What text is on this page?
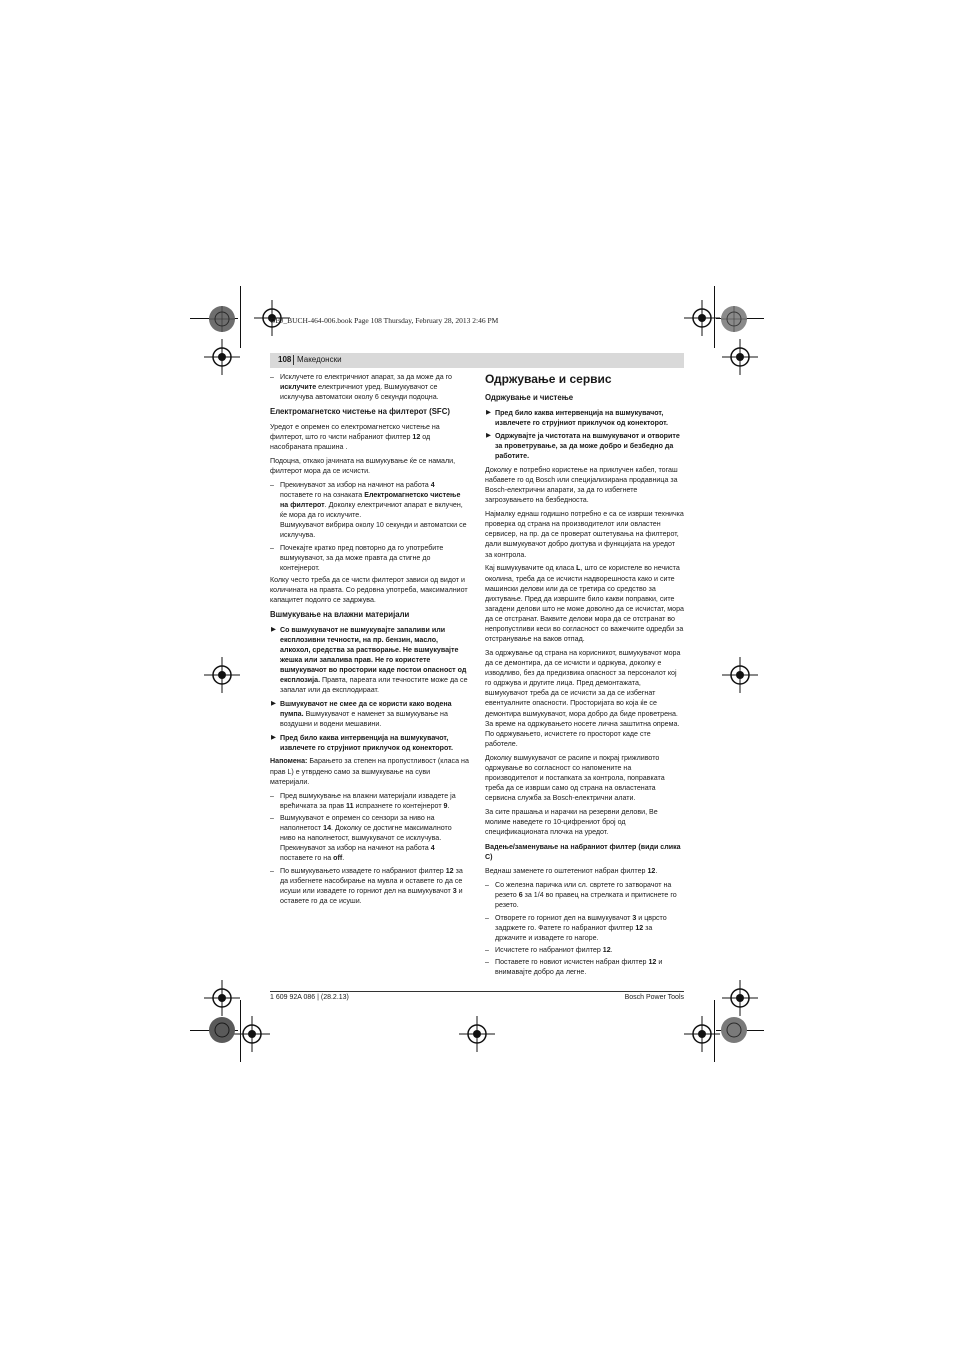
OBJ_BUCH-464-006.book Page 108 Thursday, February 28, 2013 2:46 PM
108 Македонски
– Исклучете го електричниот апарат, за да може да го исклучите електричниот уред. Вшмукувачот се исклучува автоматски околу 6 секунди подоцна.
Електромагнетско чистење на филтерот (SFC)

Уредот е опремен со електромагнетско чистење на филтерот, што го чисти набраниот филтер 12 од насобраната прашина .

Подоцна, откако јачината на вшмукување ќе се намали, филтерот мора да се исчисти.

– Прекинувачот за избор на начинот на работа 4 поставете го на ознаката Електромагнетско чистење на филтерот. Доколку електричниот апарат е вклучен, ќе мора да го исклучите.
Вшмукувачот вибрира околу 10 секунди и автоматски се исклучува.
– Почекајте кратко пред повторно да го употребите вшмукувачот, за да може правта да стигне до контејнерот.

Колку често треба да се чисти филтерот зависи од видот и количината на правта. Со редовна употреба, максималниот капацитет подолго се задржува.

Вшмукување на влажни материјали
▶ Со вшмукувачот не вшмукувајте запаливи или експлозивни течности, на пр. бензин, масло, алкохол, средства за растворање. Не вшмукувајте жешка или запалива прав. Не го користете вшмукувачот во простории каде постои опасност од експлозија. Правта, пареата или течностите може да се запалат или да експлодираат.
▶ Вшмукувачот не смее да се користи како водена пумпа. Вшмукувачот е наменет за вшмукување на воздушни и водени мешавини.
▶ Пред било каква интервенција на вшмукувачот, извлечете го струјниот приклучок од конекторот.

Напомена: Барањето за степен на пропустливост (класа на прав L) е утврдено само за вшмукување на суви материјали.

– Пред вшмукување на влажни материјали извадете ја врећичката за прав 11 испразнете го контејнерот 9.
– Вшмукувачот е опремен со сензори за ниво на наполнетост 14. Доколку се достигне максималното ниво на наполнетост, вшмукувачот се исклучува. Прекинувачот за избор на начинот на работа 4 поставете го на off.
– По вшмукувањето извадете го набраниот филтер 12 за да избегнете насобирање на мувла и оставете го да се исуши или извадете го горниот дел на вшмукувачот 3 и оставете го да се исуши.
Одржување и сервис
Одржување и чистење
▶ Пред било каква интервенција на вшмукувачот, извлечете го струјниот приклучок од конекторот.
▶ Одржувајте ја чистотата на вшмукувачот и отворите за проветрување, за да може добро и безбедно да работите.

Доколку е потребно користење на приклучен кабел, тогаш набавете го од Bosch или специјализирана продавница за Bosch-електрични апарати, за да го избегнете загрозувањето на безбедноста.

Најмалку еднаш годишно потребно е са се изврши техничка проверка од страна на производителот или овластен сервисер, на пр. да се проверат оштетувања на филтерот, дали вшмукувачот добро дихтува и функцијата на уредот за контрола.

Кај вшмукувачите од класа L, што се користеле во нечиста околина, треба да се исчисти надворешноста како и сите машински делови или да се третира со средство за дихтување. Пред да извршите било какви поправки, сите загадени делови што не може доволно да се исчистат, мора да се отстранат. Ваквите делови мора да се отстранат во непропустливи кеси во согласност со важечките одредби за отстранување на ваков отпад.

За одржување од страна на корисникот, вшмукувачот мора да се демонтира, да се исчисти и одржува, доколку е изводливо, без да предизвика опасност за персоналот кој го одржува и другите лица. Пред демонтажата, вшмукувачот треба да се исчисти за да се избегнат евентуалните опасности. Просторијата во која ќе се демонтира вшмукувачот, мора добро да биде проветрена. За време на одржувањето носете лична заштитна опрема. По одржувањето, исчистете го просторот каде сте работеле.

Доколку вшмукувачот се расипе и покрај грижливото одржување во согласност со напомените на производителот и постапката за контрола, поправката треба да се изврши само од страна на овластената сервисна служба за Bosch-електрични алати.

За сите прашања и нарачки на резервни делови, Ве молиме наведете го 10-цифрениот број од спецификационата плочка на уредот.

Вадење/заменување на набраниот филтер (види слика C)

Веднаш заменете го оштетениот набран филтер 12.

– Со железна паричка или сл. свртете го затворачот на резето 6 за 1/4 во правец на стрелката и притиснете го резето.
– Отворете го горниот дел на вшмукувачот 3 и цврсто задржете го. Фатете го набраниот филтер 12 за држачите и извадете го нагоре.
– Исчистете го набраниот филтер 12.
– Поставете го новиот исчистен набран филтер 12 и внимавајте добро да легне.
1 609 92A 086 | (28.2.13)	Bosch Power Tools
